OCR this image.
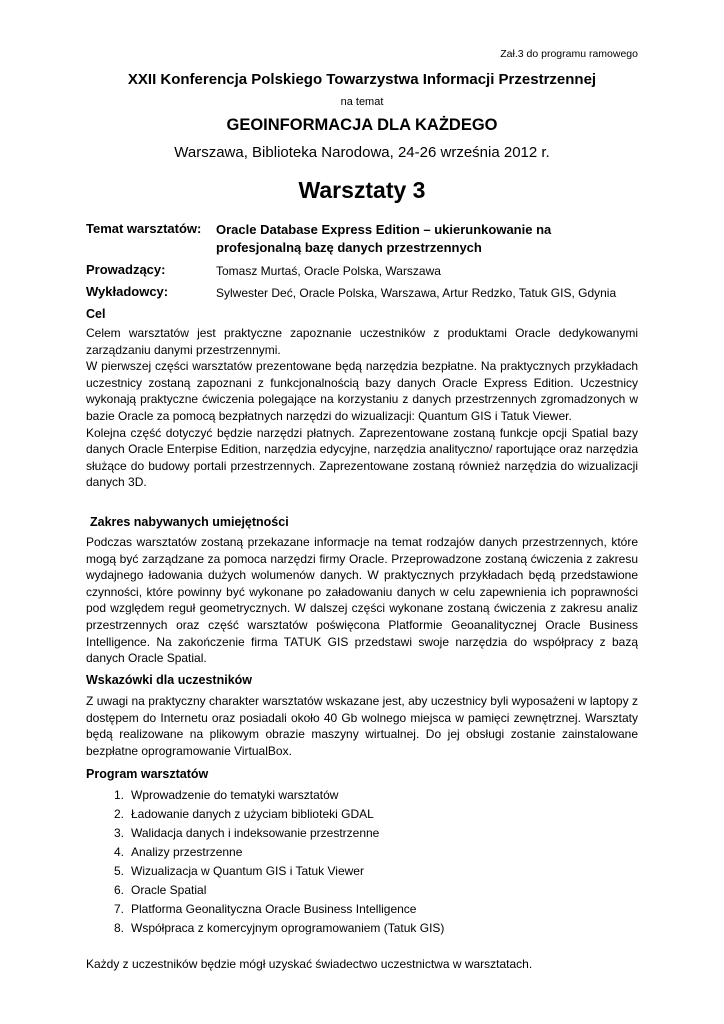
Zał.3 do programu ramowego
XXII Konferencja Polskiego Towarzystwa Informacji Przestrzennej
na temat
GEOINFORMACJA DLA KAŻDEGO
Warszawa, Biblioteka Narodowa, 24-26 września 2012 r.
Warsztaty 3
Temat warsztatów: Oracle Database Express Edition – ukierunkowanie na profesjonalną bazę danych przestrzennych
Prowadzący:	Tomasz Murtaś, Oracle Polska, Warszawa
Wykładowcy:	Sylwester Deć, Oracle Polska, Warszawa, Artur Redzko, Tatuk GIS, Gdynia
Cel

Celem warsztatów jest praktyczne zapoznanie uczestników z produktami Oracle dedykowanymi zarządzaniu danymi przestrzennymi.

W pierwszej części warsztatów prezentowane będą narzędzia bezpłatne. Na praktycznych przykładach uczestnicy zostaną zapoznani z funkcjonalnością bazy danych Oracle Express Edition. Uczestnicy wykonają praktyczne ćwiczenia polegające na korzystaniu z danych przestrzennych zgromadzonych w bazie Oracle za pomocą bezpłatnych narzędzi do wizualizacji: Quantum GIS i Tatuk Viewer.

Kolejna część dotyczyć będzie narzędzi płatnych. Zaprezentowane zostaną funkcje opcji Spatial bazy danych Oracle Enterpise Edition, narzędzia edycyjne, narzędzia analityczno/ raportujące oraz narzędzia służące do budowy portali przestrzennych. Zaprezentowane zostaną również narzędzia do wizualizacji danych 3D.

Zakres nabywanych umiejętności
Podczas warsztatów zostaną przekazane informacje na temat rodzajów danych przestrzennych, które mogą być zarządzane za pomoca narzędzi firmy Oracle. Przeprowadzone zostaną ćwiczenia z zakresu wydajnego ładowania dużych wolumenów danych. W praktycznych przykładach będą przedstawione czynności, które powinny być wykonane po załadowaniu danych w celu zapewnienia ich poprawności pod względem reguł geometrycznych. W dalszej części wykonane zostaną ćwiczenia z zakresu analiz przestrzennych oraz część warsztatów poświęcona Platformie Geoanalitycznej Oracle Business Intelligence. Na zakończenie firma TATUK GIS przedstawi swoje narzędzia do współpracy z bazą danych Oracle Spatial.
Wskazówki dla uczestników
Z uwagi na praktyczny charakter warsztatów wskazane jest, aby uczestnicy byli wyposażeni w laptopy z dostępem do Internetu oraz posiadali około 40 Gb wolnego miejsca w pamięci zewnętrznej. Warsztaty będą realizowane na plikowym obrazie maszyny wirtualnej. Do jej obsługi zostanie zainstalowane bezpłatne oprogramowanie VirtualBox.
Program warsztatów
1. Wprowadzenie do tematyki warsztatów
2. Ładowanie danych z użyciam biblioteki GDAL
3. Walidacja danych i indeksowanie przestrzenne
4. Analizy przestrzenne
5. Wizualizacja w Quantum GIS i Tatuk Viewer
6. Oracle Spatial
7. Platforma Geonalityczna Oracle Business Intelligence
8. Współpraca z komercyjnym oprogramowaniem (Tatuk GIS)
Każdy z uczestników będzie mógł uzyskać świadectwo uczestnictwa w warsztatach.
